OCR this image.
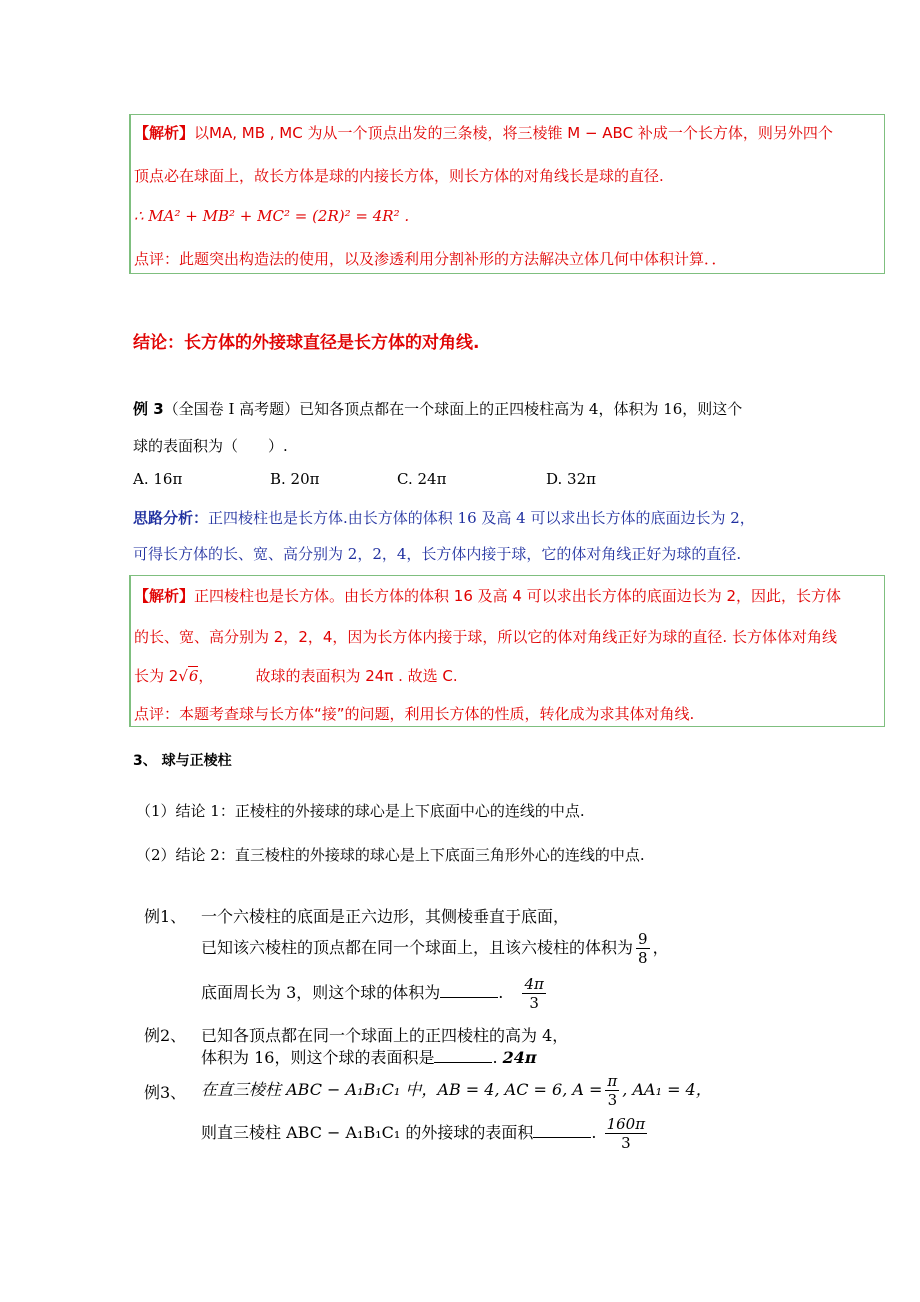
【解析】以MA, MB , MC 为从一个顶点出发的三条棱，将三棱锥 M − ABC 补成一个长方体，则另外四个
顶点必在球面上，故长方体是球的内接长方体，则长方体的对角线长是球的直径.
∴ MA² + MB² + MC² = (2R)² = 4R² .
点评：此题突出构造法的使用，以及渗透利用分割补形的方法解决立体几何中体积计算．．
结论：长方体的外接球直径是长方体的对角线.
例 3（全国卷 I 高考题）已知各顶点都在一个球面上的正四棱柱高为 4，体积为 16，则这个
球的表面积为（　　）.
A. 16π	B. 20π	C. 24π	D. 32π
思路分析：正四棱柱也是长方体.由长方体的体积 16 及高 4 可以求出长方体的底面边长为 2，
可得长方体的长、宽、高分别为 2，2，4，长方体内接于球，它的体对角线正好为球的直径.
【解析】正四棱柱也是长方体。由长方体的体积 16 及高 4 可以求出长方体的底面边长为 2，因此，长方体
的长、宽、高分别为 2，2，4，因为长方体内接于球，所以它的体对角线正好为球的直径. 长方体体对角线
长为 2√6，	故球的表面积为 24π . 故选 C.
点评：本题考查球与长方体“接”的问题，利用长方体的性质，转化成为求其体对角线.
3、 球与正棱柱
（1）结论 1：正棱柱的外接球的球心是上下底面中心的连线的中点.
（2）结论 2：直三棱柱的外接球的球心是上下底面三角形外心的连线的中点.
例1、 一个六棱柱的底面是正六边形，其侧棱垂直于底面，
已知该六棱柱的顶点都在同一个球面上，且该六棱柱的体积为 $\frac{9}{8}$ ，
底面周长为 3，则这个球的体积为	. $\frac{4\pi}{3}$
例2、 已知各顶点都在同一个球面上的正四棱柱的高为 4，
体积为 16，则这个球的表面积是	. 24π
例3、 在直三棱柱 ABC − A₁B₁C₁ 中，AB = 4, AC = 6, $A = \frac{\pi}{3}$ , AA₁ = 4，
则直三棱柱 ABC − A₁B₁C₁ 的外接球的表面积	. $\frac{160\pi}{3}$
